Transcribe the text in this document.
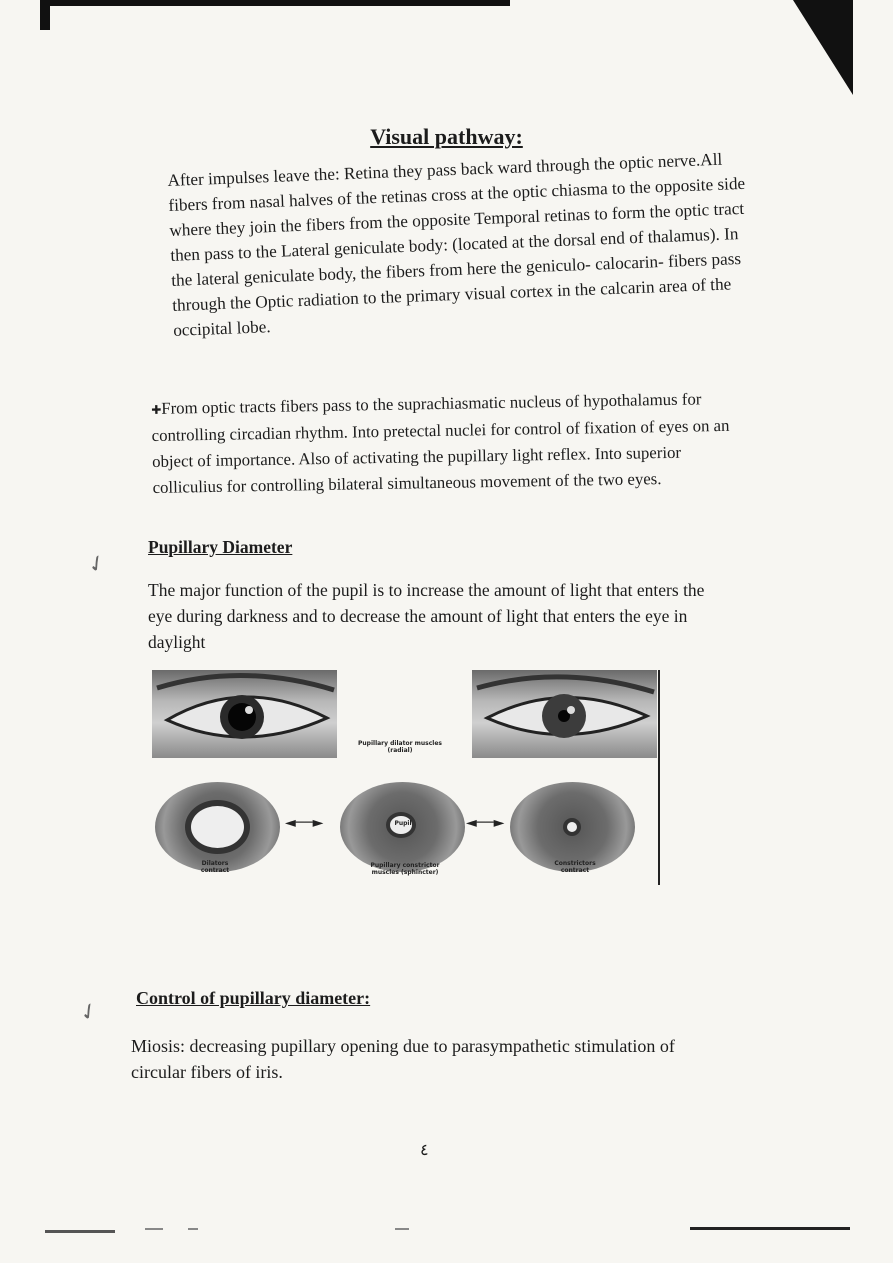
Visual pathway:

After impulses leave the: Retina they pass back ward through the optic nerve.All fibers from nasal halves of the retinas cross at the optic chiasma to the opposite side where they join the fibers from the opposite Temporal retinas to form the optic tract then pass to the Lateral geniculate body: (located at the dorsal end of thalamus). In the lateral geniculate body, the fibers from here the geniculo- calocarin- fibers pass through the Optic radiation to the primary visual cortex in the calcarin area of the occipital lobe.

✚From optic tracts fibers pass to the suprachiasmatic nucleus of hypothalamus for controlling circadian rhythm. Into pretectal nuclei for control of fixation of eyes on an object of importance. Also of activating the pupillary light reflex. Into superior colliculius for controlling bilateral simultaneous movement of the two eyes.

✓
Pupillary Diameter

The major function of the pupil is to increase the amount of light that enters the eye during darkness and to decrease the amount of light that enters the eye in daylight

Pupillary dilator muscles (radial)
Pupil
◄──►	◄──►
Dilators contract
Pupillary constrictor muscles (sphincter)
Constrictors contract
✓ Control of pupillary diameter:

Miosis: decreasing pupillary opening due to parasympathetic stimulation of circular fibers of iris.

٤
